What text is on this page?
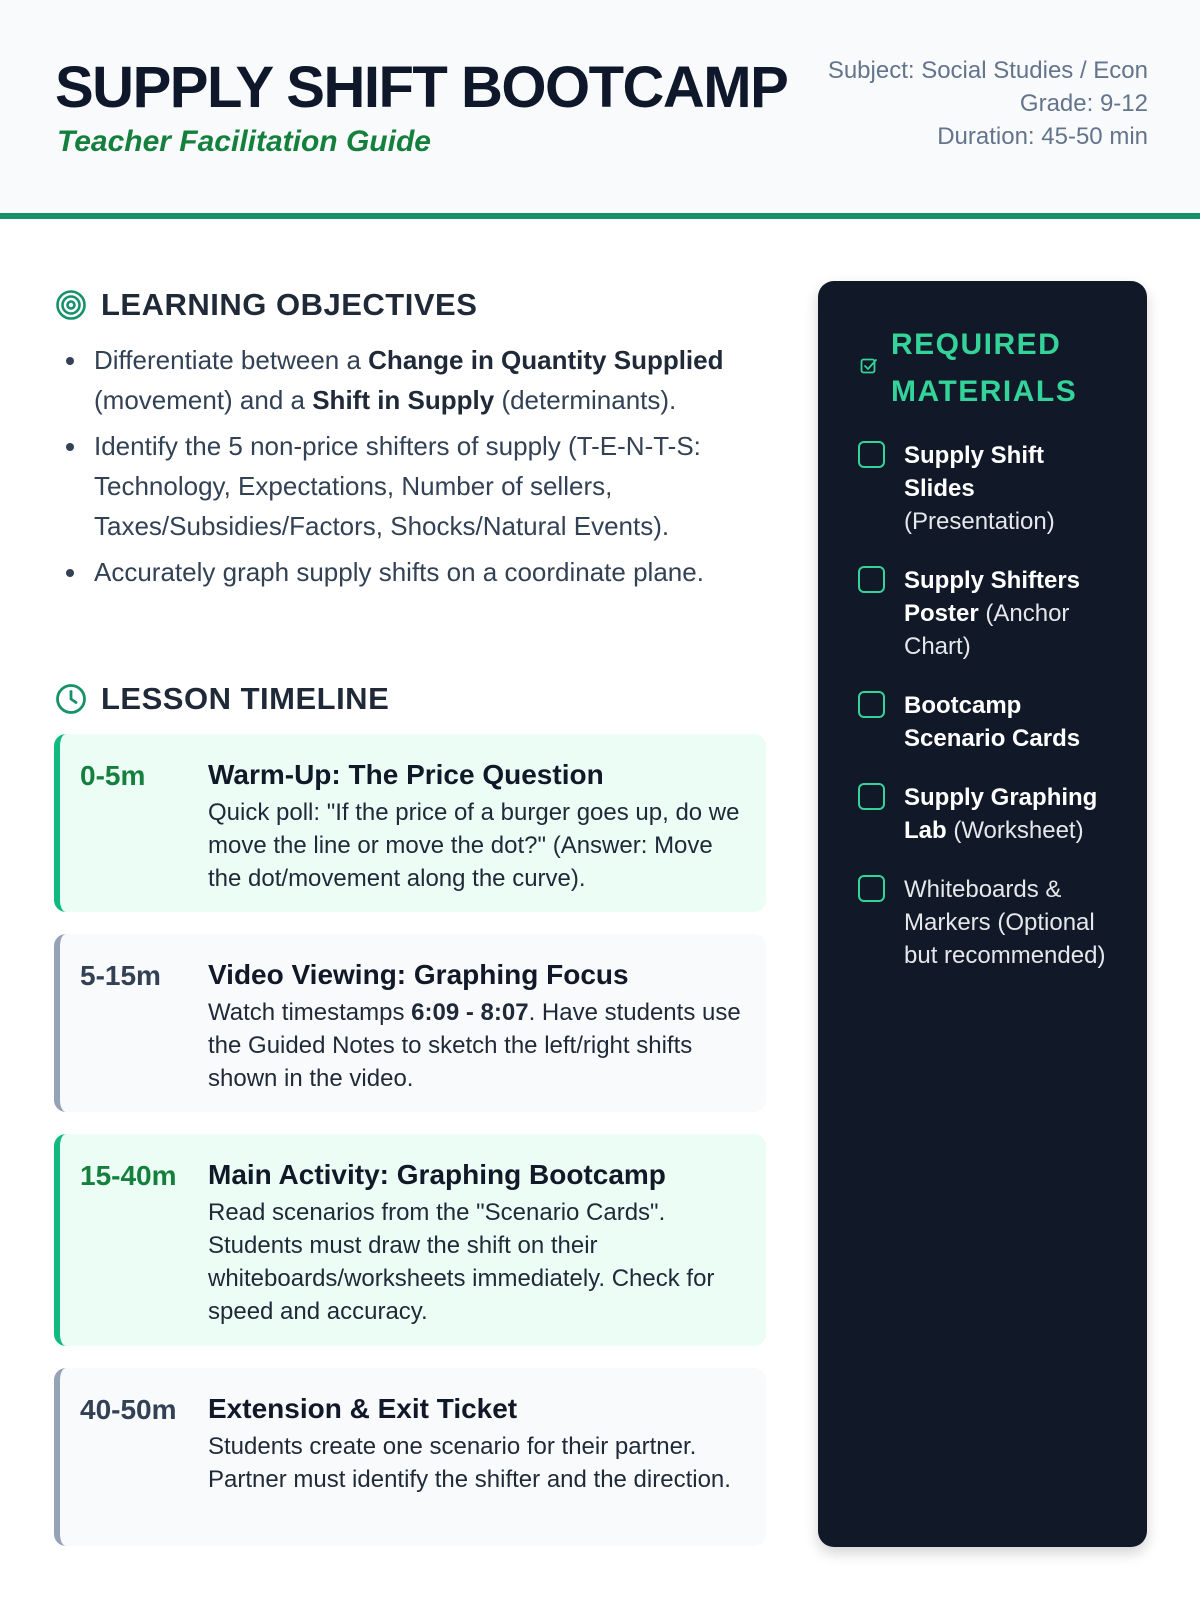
SUPPLY SHIFT BOOTCAMP
Teacher Facilitation Guide
Subject: Social Studies / Econ
Grade: 9-12
Duration: 45-50 min
LEARNING OBJECTIVES
Differentiate between a Change in Quantity Supplied (movement) and a Shift in Supply (determinants).
Identify the 5 non-price shifters of supply (T-E-N-T-S: Technology, Expectations, Number of sellers, Taxes/Subsidies/Factors, Shocks/Natural Events).
Accurately graph supply shifts on a coordinate plane.
LESSON TIMELINE
0-5m	Warm-Up: The Price Question
Quick poll: "If the price of a burger goes up, do we move the line or move the dot?" (Answer: Move the dot/movement along the curve).
5-15m	Video Viewing: Graphing Focus
Watch timestamps 6:09 - 8:07. Have students use the Guided Notes to sketch the left/right shifts shown in the video.
15-40m Main Activity: Graphing Bootcamp
Read scenarios from the "Scenario Cards". Students must draw the shift on their whiteboards/worksheets immediately. Check for speed and accuracy.
40-50m Extension & Exit Ticket
Students create one scenario for their partner. Partner must identify the shifter and the direction.
REQUIRED MATERIALS
Supply Shift Slides (Presentation)
Supply Shifters Poster (Anchor Chart)
Bootcamp Scenario Cards
Supply Graphing Lab (Worksheet)
Whiteboards & Markers (Optional but recommended)
